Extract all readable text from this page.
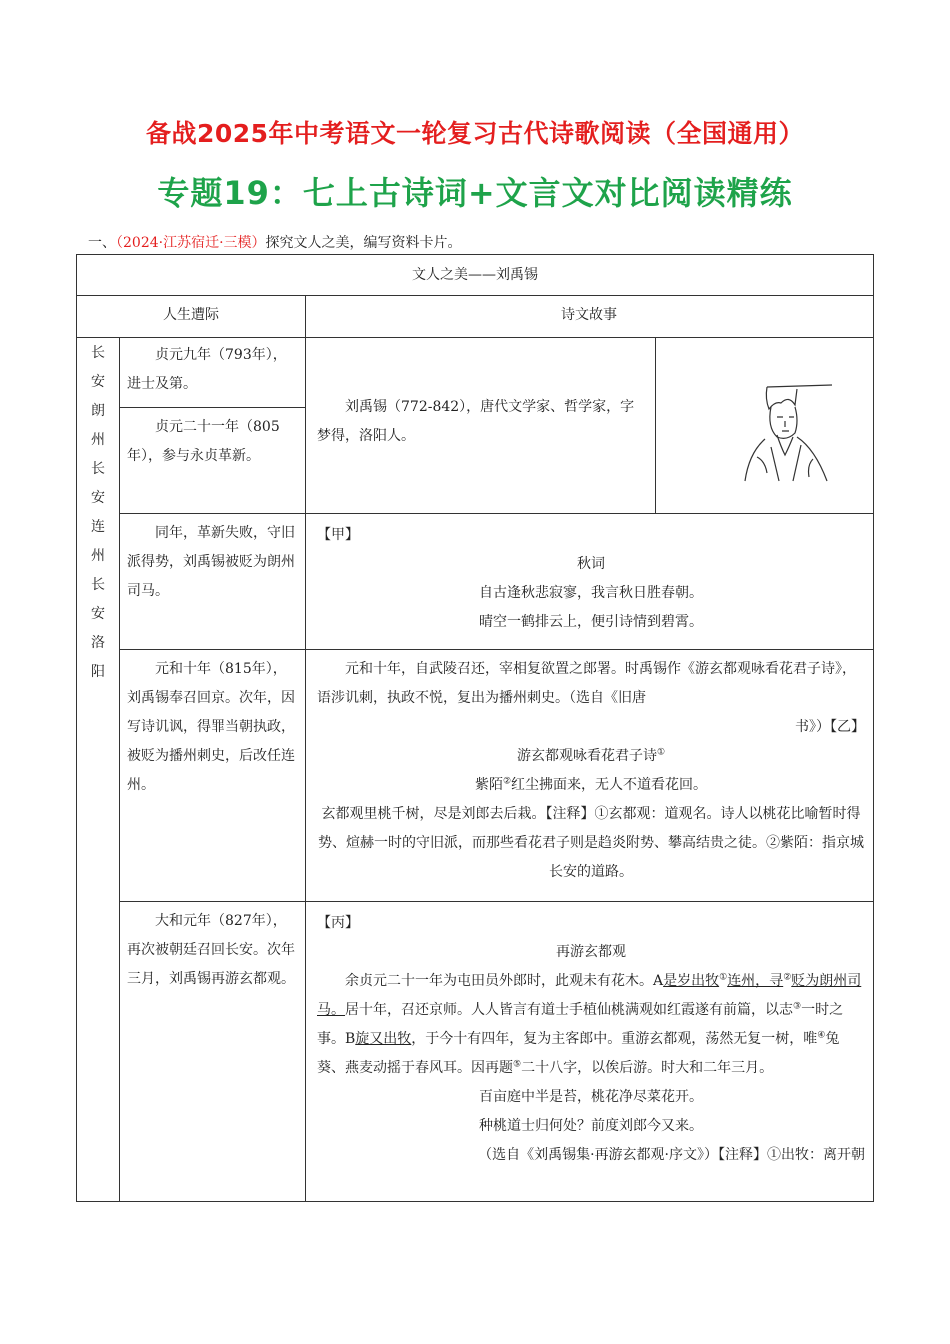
备战2025年中考语文一轮复习古代诗歌阅读（全国通用）
专题19：七上古诗词+文言文对比阅读精练
一、（2024·江苏宿迁·三模）探究文人之美，编写资料卡片。
文人之美——刘禹锡
人生遭际	诗文故事
长
安
朗
州
长
安
连
州
长
安
洛
阳

贞元九年（793年），进士及第。

贞元二十一年（805年），参与永贞革新。

同年，革新失败，守旧派得势，刘禹锡被贬为朗州司马。

元和十年（815年），刘禹锡奉召回京。次年，因写诗讥讽，得罪当朝执政，被贬为播州刺史，后改任连州。

大和元年（827年），再次被朝廷召回长安。次年三月，刘禹锡再游玄都观。

刘禹锡（772-842），唐代文学家、哲学家，字梦得，洛阳人。

【甲】

秋词

自古逢秋悲寂寥，我言秋日胜春朝。

晴空一鹤排云上，便引诗情到碧霄。

元和十年，自武陵召还，宰相复欲置之郎署。时禹锡作《游玄都观咏看花君子诗》，语涉讥刺，执政不悦，复出为播州刺史。（选自《旧唐

书》）【乙】

游玄都观咏看花君子诗①

紫陌②红尘拂面来，无人不道看花回。

玄都观里桃千树，尽是刘郎去后栽。【注释】①玄都观：道观名。诗人以桃花比喻暂时得势、煊赫一时的守旧派，而那些看花君子则是趋炎附势、攀高结贵之徒。②紫陌：指京城长安的道路。

【丙】

再游玄都观

余贞元二十一年为屯田员外郎时，此观未有花木。A是岁出牧①连州，寻②贬为朗州司马。居十年，召还京师。人人皆言有道士手植仙桃满观如红霞遂有前篇，以志③一时之事。B旋又出牧，于今十有四年，复为主客郎中。重游玄都观，荡然无复一树，唯④兔葵、燕麦动摇于春风耳。因再题⑤二十八字，以俟后游。时大和二年三月。

百亩庭中半是苔，桃花净尽菜花开。

种桃道士归何处？前度刘郎今又来。

（选自《刘禹锡集·再游玄都观·序文》）【注释】①出牧：离开朝
